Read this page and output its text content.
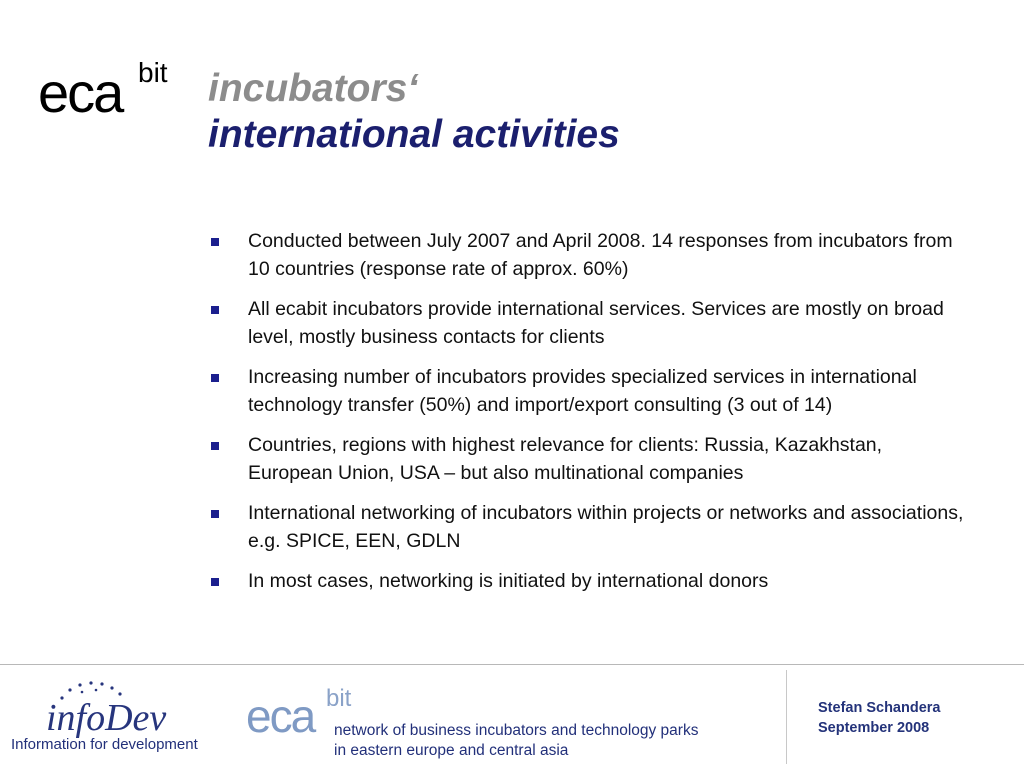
eca bit incubators‘
international activities
Conducted between July 2007 and April 2008. 14 responses from incubators from 10 countries (response rate of approx. 60%)
All ecabit incubators provide international services. Services are mostly on broad level, mostly business contacts for clients
Increasing number of incubators provides specialized services in international technology transfer (50%) and import/export consulting (3 out of 14)
Countries, regions with highest relevance for clients: Russia, Kazakhstan, European Union, USA – but also multinational companies
International networking of incubators within projects or networks and associations, e.g. SPICE, EEN, GDLN
In most cases, networking is initiated by international donors
infoDev
Information for development
eca bit
network of business incubators and technology parks
in eastern europe and central asia
Stefan Schandera
September 2008
